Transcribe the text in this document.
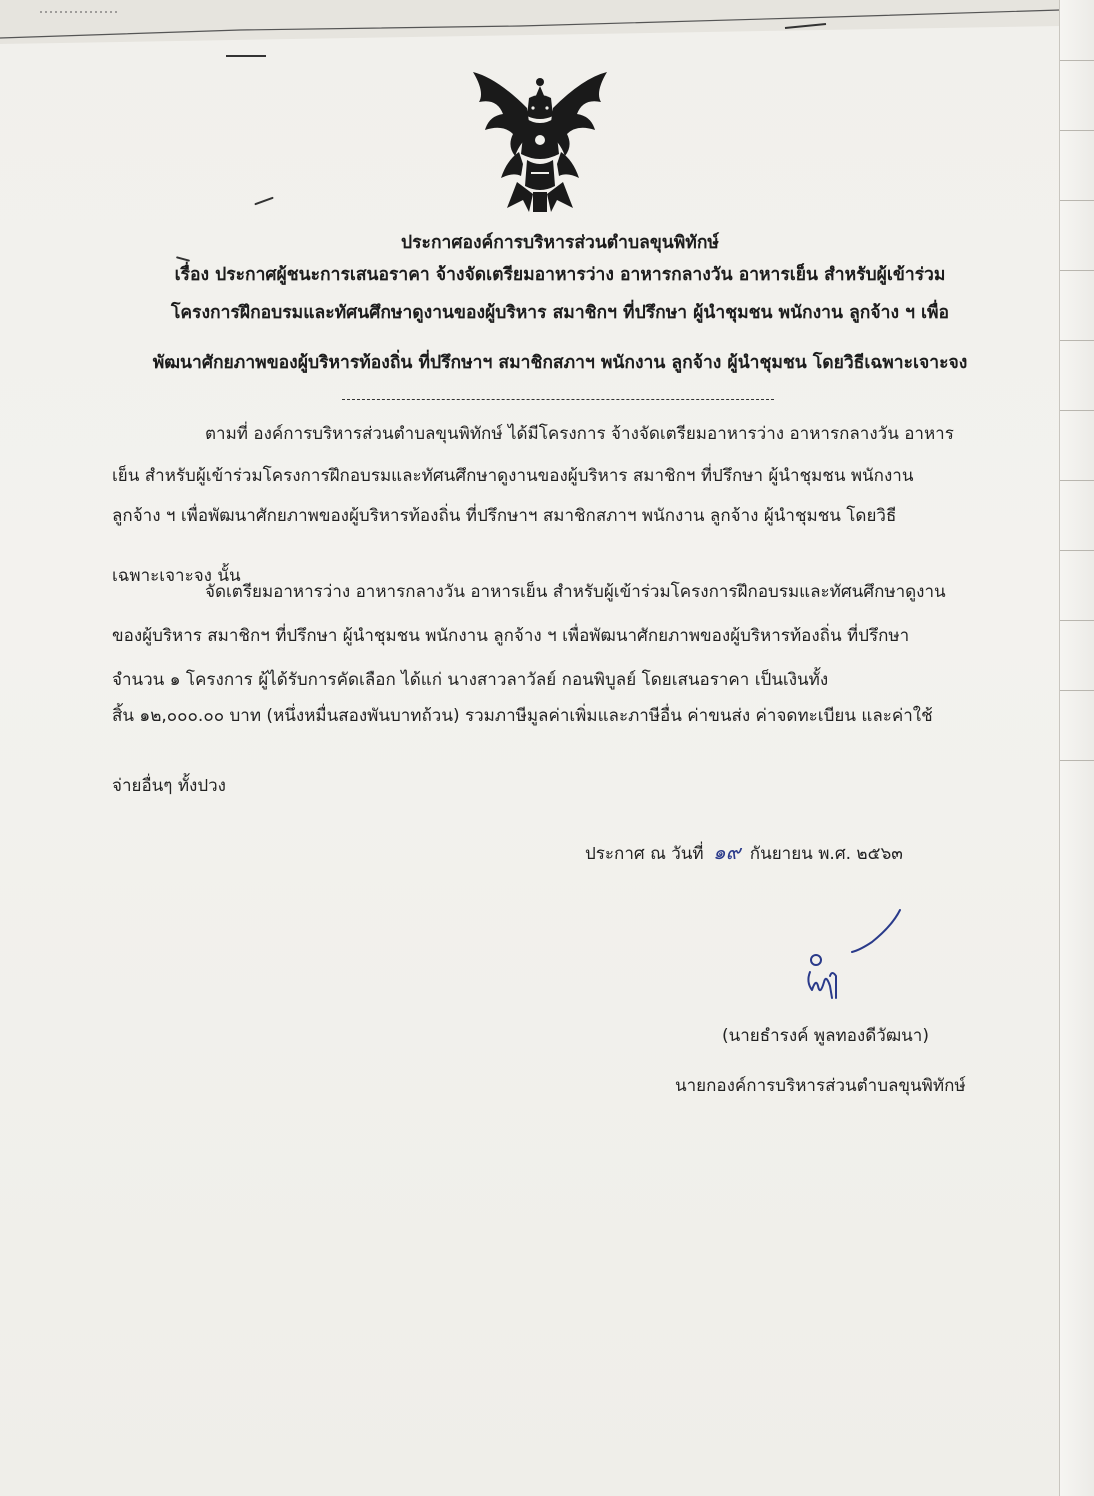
ประกาศองค์การบริหารส่วนตำบลขุนพิทักษ์
เรื่อง ประกาศผู้ชนะการเสนอราคา จ้างจัดเตรียมอาหารว่าง อาหารกลางวัน อาหารเย็น สำหรับผู้เข้าร่วม
โครงการฝึกอบรมและทัศนศึกษาดูงานของผู้บริหาร สมาชิกฯ ที่ปรึกษา ผู้นำชุมชน พนักงาน ลูกจ้าง ฯ เพื่อ
พัฒนาศักยภาพของผู้บริหารท้องถิ่น ที่ปรึกษาฯ สมาชิกสภาฯ พนักงาน ลูกจ้าง ผู้นำชุมชน โดยวิธีเฉพาะเจาะจง
ตามที่ องค์การบริหารส่วนตำบลขุนพิทักษ์ ได้มีโครงการ จ้างจัดเตรียมอาหารว่าง อาหารกลางวัน อาหาร
เย็น สำหรับผู้เข้าร่วมโครงการฝึกอบรมและทัศนศึกษาดูงานของผู้บริหาร สมาชิกฯ ที่ปรึกษา ผู้นำชุมชน พนักงาน
ลูกจ้าง ฯ เพื่อพัฒนาศักยภาพของผู้บริหารท้องถิ่น ที่ปรึกษาฯ สมาชิกสภาฯ พนักงาน ลูกจ้าง ผู้นำชุมชน โดยวิธี
เฉพาะเจาะจง นั้น
จัดเตรียมอาหารว่าง อาหารกลางวัน อาหารเย็น สำหรับผู้เข้าร่วมโครงการฝึกอบรมและทัศนศึกษาดูงาน
ของผู้บริหาร สมาชิกฯ ที่ปรึกษา ผู้นำชุมชน พนักงาน ลูกจ้าง ฯ เพื่อพัฒนาศักยภาพของผู้บริหารท้องถิ่น ที่ปรึกษา
จำนวน ๑ โครงการ ผู้ได้รับการคัดเลือก ได้แก่ นางสาวลาวัลย์ กอนพิบูลย์ โดยเสนอราคา เป็นเงินทั้ง
สิ้น ๑๒,๐๐๐.๐๐ บาท (หนึ่งหมื่นสองพันบาทถ้วน) รวมภาษีมูลค่าเพิ่มและภาษีอื่น ค่าขนส่ง ค่าจดทะเบียน และค่าใช้
จ่ายอื่นๆ ทั้งปวง
ประกาศ ณ วันที่ ๑๙ กันยายน พ.ศ. ๒๕๖๓
(นายธำรงค์ พูลทองดีวัฒนา)
นายกองค์การบริหารส่วนตำบลขุนพิทักษ์
